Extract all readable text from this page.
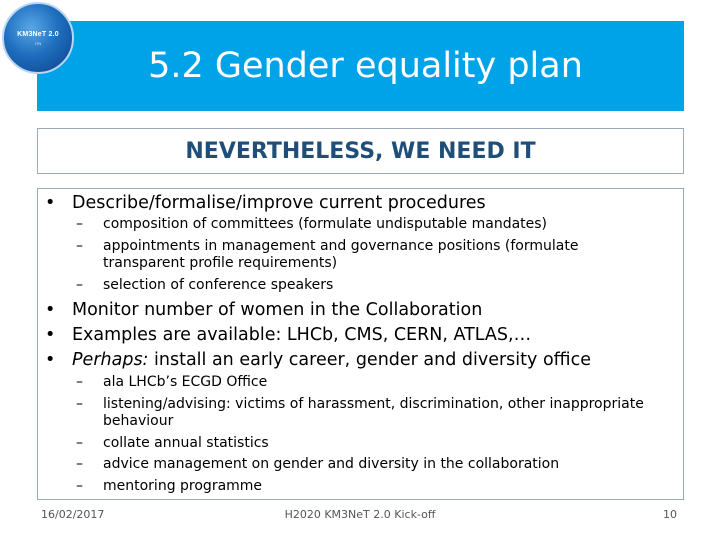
KM3NeT 2.0
ITN
5.2 Gender equality plan
NEVERTHELESS, WE NEED IT
• Describe/formalise/improve current procedures
– composition of committees (formulate undisputable mandates)
– appointments in management and governance positions (formulate transparent profile requirements)
– selection of conference speakers
• Monitor number of women in the Collaboration
• Examples are available: LHCb, CMS, CERN, ATLAS,…
• Perhaps: install an early career, gender and diversity office
– ala LHCb’s ECGD Office
– listening/advising: victims of harassment, discrimination, other inappropriate behaviour
– collate annual statistics
– advice management on gender and diversity in the collaboration
– mentoring programme
16/02/2017	H2020 KM3NeT 2.0 Kick-off	10
